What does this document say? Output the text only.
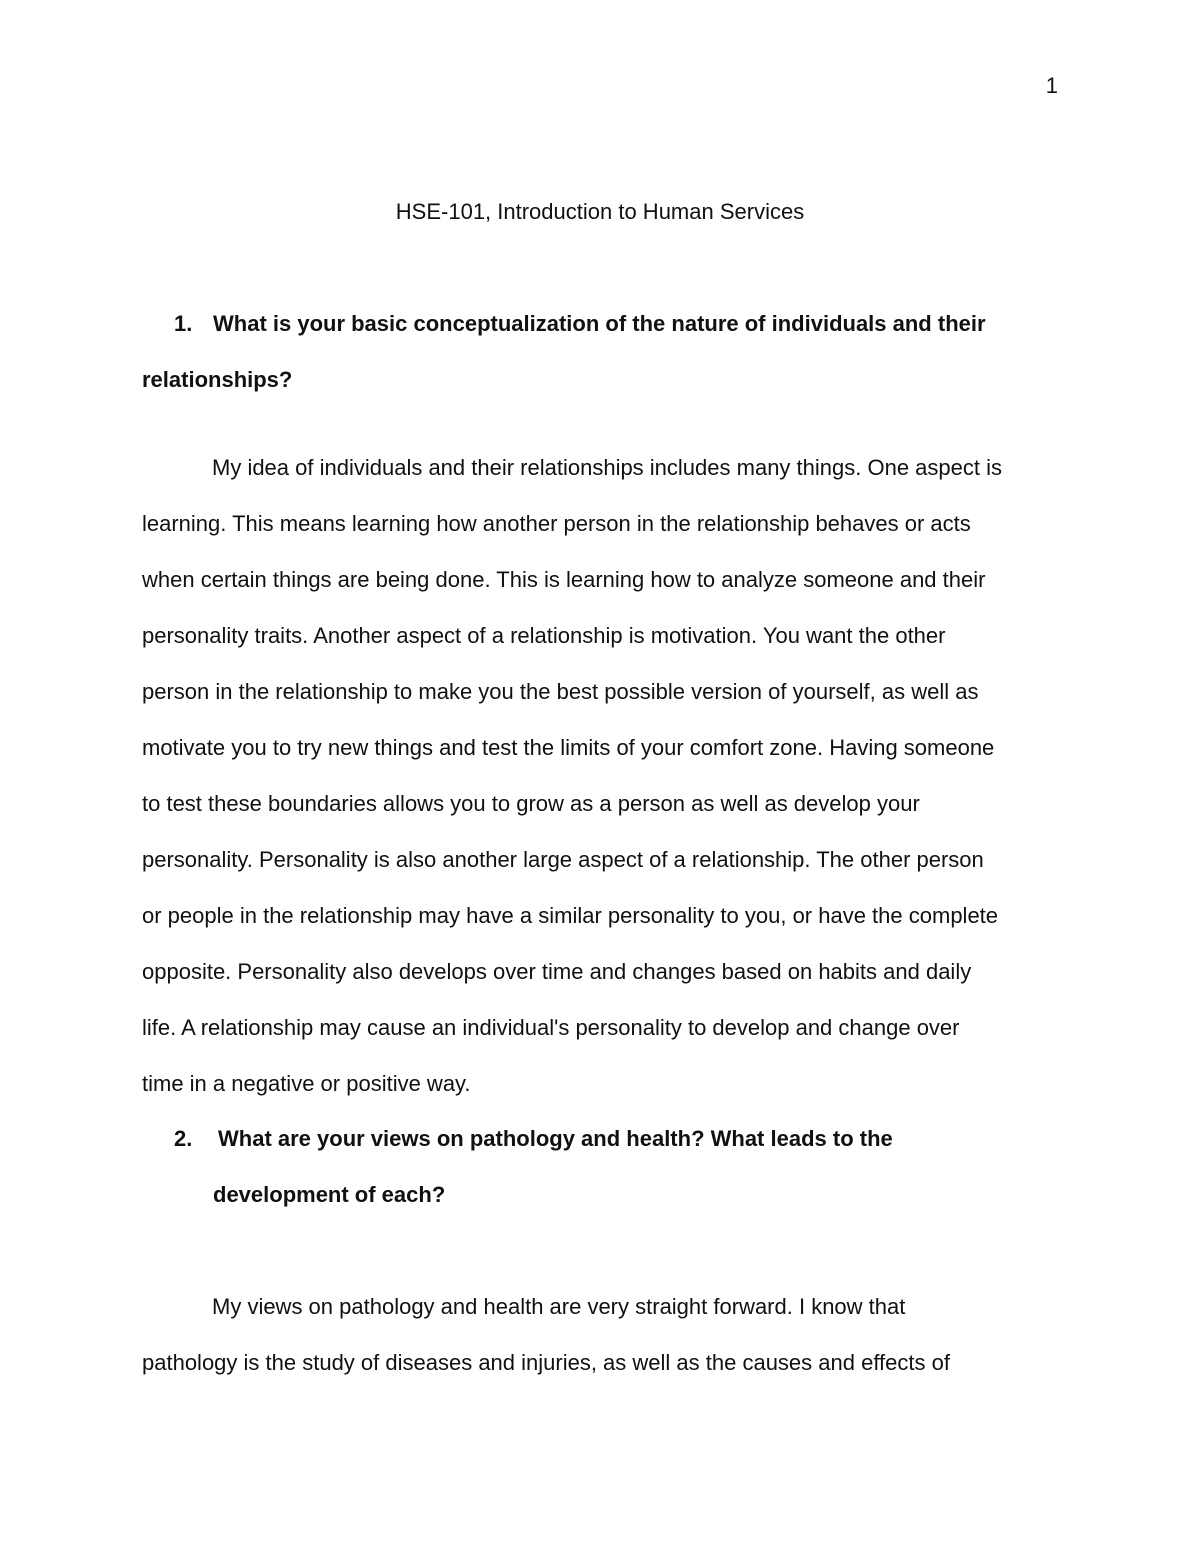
1
HSE-101, Introduction to Human Services
1. What is your basic conceptualization of the nature of individuals and their
relationships?
My idea of individuals and their relationships includes many things. One aspect is
learning. This means learning how another person in the relationship behaves or acts
when certain things are being done. This is learning how to analyze someone and their
personality traits. Another aspect of a relationship is motivation. You want the other
person in the relationship to make you the best possible version of yourself, as well as
motivate you to try new things and test the limits of your comfort zone. Having someone
to test these boundaries allows you to grow as a person as well as develop your
personality. Personality is also another large aspect of a relationship. The other person
or people in the relationship may have a similar personality to you, or have the complete
opposite. Personality also develops over time and changes based on habits and daily
life. A relationship may cause an individual's personality to develop and change over
time in a negative or positive way.
2. What are your views on pathology and health? What leads to the
development of each?
My views on pathology and health are very straight forward. I know that
pathology is the study of diseases and injuries, as well as the causes and effects of
